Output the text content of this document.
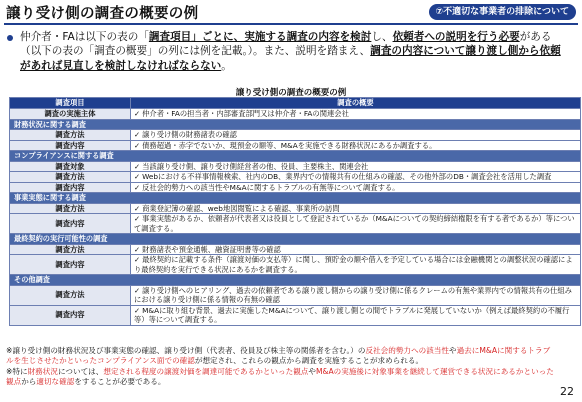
譲り受け側の調査の概要の例	⑦不適切な事業者の排除について
仲介者・FAは以下の表の「調査項目」ごとに、実施する調査の内容を検討し、依頼者への説明を行う必要がある（以下の表の「調査の概要」の列には例を記載。）。また、説明を踏まえ、調査の内容について譲り渡し側から依頼があれば見直しを検討しなければならない。
譲り受け側の調査の概要の例
調査項目	調査の概要
調査の実施主体	✓ 仲介者・FAの担当者・内部審査部門又は仲介者・FAの関連会社

財務状況に関する調査	
調査方法	✓ 譲り受け側の財務諸表の確認

調査内容	✓ 債務超過・赤字でないか、現預金の額等、M&Aを実施できる財務状況にあるか調査する。

コンプライアンスに関する調査	
調査対象	✓ 当該譲り受け側、譲り受け側経営者の他、役員、主要株主、関連会社

調査方法	✓ Webにおける不祥事情報検索、社内のDB、業界内での情報共有の仕組みの確認、その他外部のDB・調査会社を活用した調査

調査内容	✓ 反社会的勢力への該当性やM&Aに関するトラブルの有無等について調査する。

事業実態に関する調査	
調査方法	✓ 商業登記簿の確認、web地図閲覧による確認、事業所の訪問

調査内容	✓ 事業実態があるか、依頼者が代表者又は役員として登記されているか（M&Aについての契約締結権限を有する者であるか）等について調査する。

最終契約の実行可能性の調査	
調査方法	✓ 財務諸表や預金通帳、融資証明書等の確認

調査内容	✓ 最終契約に記載する条件（譲渡対価の支払等）に関し、預貯金の額や借入を予定している場合には金融機関との調整状況の確認により最終契約を実行できる状況にあるかを調査する。

その他調査	
調査方法	✓ 譲り受け側へのヒアリング、過去の依頼者である譲り渡し側からの譲り受け側に係るクレームの有無や業界内での情報共有の仕組みにおける譲り受け側に係る情報の有無の確認

調査内容	✓ M&Aに取り組む背景、過去に実施したM&Aについて、譲り渡し側との間でトラブルに発展していないか（例えば最終契約の不履行等）等について調査する。
※譲り受け側の財務状況及び事業実態の確認、譲り受け側（代表者、役員及び株主等の関係者を含む。）の反社会的勢力への該当性や過去にM&Aに関するトラブルを生じさせたかといったコンプライアンス面での確認が想定され、これらの観点から調査を実施することが求められる。
※特に財務状況については、想定される程度の譲渡対価を調達可能であるかといった観点やM&Aの実施後に対象事業を継続して運営できる状況にあるかといった観点から適切な確認をすることが必要である。
22
